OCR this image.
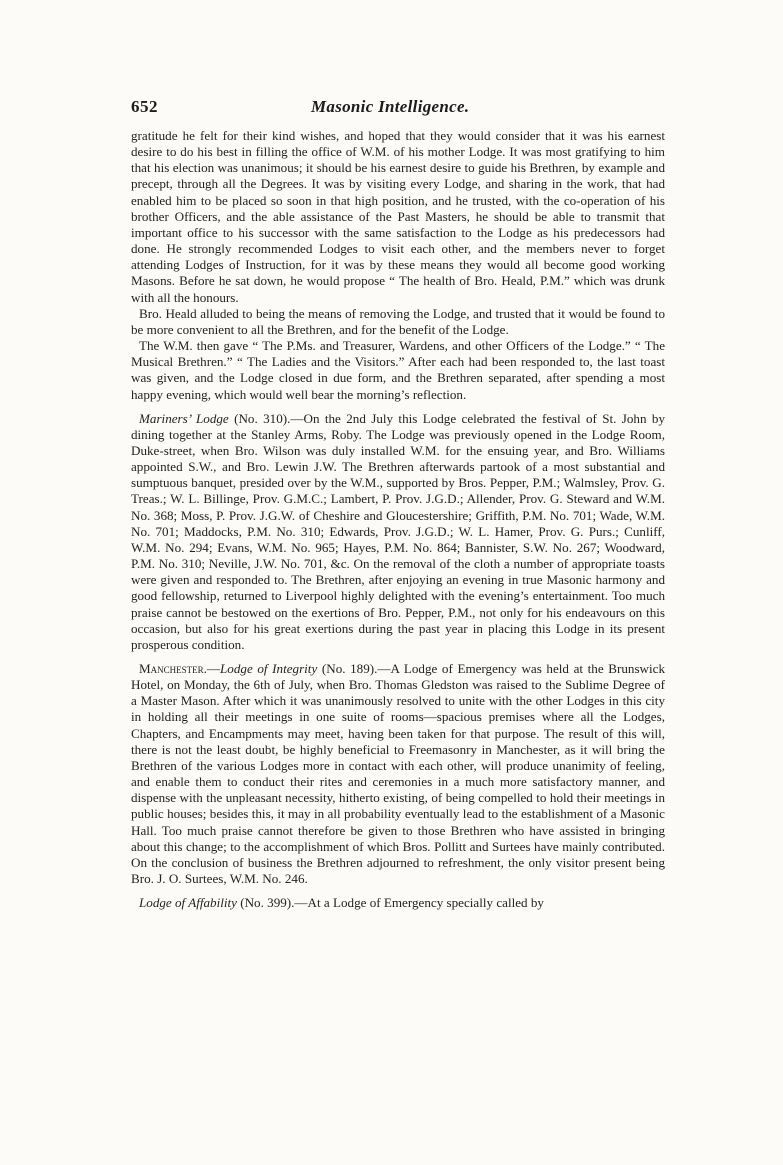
652	Masonic Intelligence.

gratitude he felt for their kind wishes, and hoped that they would consider that it was his earnest desire to do his best in filling the office of W.M. of his mother Lodge. It was most gratifying to him that his election was unanimous; it should be his earnest desire to guide his Brethren, by example and precept, through all the Degrees. It was by visiting every Lodge, and sharing in the work, that had enabled him to be placed so soon in that high position, and he trusted, with the co-operation of his brother Officers, and the able assistance of the Past Masters, he should be able to transmit that important office to his successor with the same satisfaction to the Lodge as his predecessors had done. He strongly recommended Lodges to visit each other, and the members never to forget attending Lodges of Instruction, for it was by these means they would all become good working Masons. Before he sat down, he would propose “ The health of Bro. Heald, P.M.” which was drunk with all the honours.

Bro. Heald alluded to being the means of removing the Lodge, and trusted that it would be found to be more convenient to all the Brethren, and for the benefit of the Lodge.

The W.M. then gave “ The P.Ms. and Treasurer, Wardens, and other Officers of the Lodge.” “ The Musical Brethren.” “ The Ladies and the Visitors.” After each had been responded to, the last toast was given, and the Lodge closed in due form, and the Brethren separated, after spending a most happy evening, which would well bear the morning’s reflection.

Mariners’ Lodge (No. 310).—On the 2nd July this Lodge celebrated the festival of St. John by dining together at the Stanley Arms, Roby. The Lodge was previously opened in the Lodge Room, Duke-street, when Bro. Wilson was duly installed W.M. for the ensuing year, and Bro. Williams appointed S.W., and Bro. Lewin J.W. The Brethren afterwards partook of a most substantial and sumptuous banquet, presided over by the W.M., supported by Bros. Pepper, P.M.; Walmsley, Prov. G. Treas.; W. L. Billinge, Prov. G.M.C.; Lambert, P. Prov. J.G.D.; Allender, Prov. G. Steward and W.M. No. 368; Moss, P. Prov. J.G.W. of Cheshire and Gloucestershire; Griffith, P.M. No. 701; Wade, W.M. No. 701; Maddocks, P.M. No. 310; Edwards, Prov. J.G.D.; W. L. Hamer, Prov. G. Purs.; Cunliff, W.M. No. 294; Evans, W.M. No. 965; Hayes, P.M. No. 864; Bannister, S.W. No. 267; Woodward, P.M. No. 310; Neville, J.W. No. 701, &c. On the removal of the cloth a number of appropriate toasts were given and responded to. The Brethren, after enjoying an evening in true Masonic harmony and good fellowship, returned to Liverpool highly delighted with the evening’s entertainment. Too much praise cannot be bestowed on the exertions of Bro. Pepper, P.M., not only for his endeavours on this occasion, but also for his great exertions during the past year in placing this Lodge in its present prosperous condition.

Manchester.—Lodge of Integrity (No. 189).—A Lodge of Emergency was held at the Brunswick Hotel, on Monday, the 6th of July, when Bro. Thomas Gledston was raised to the Sublime Degree of a Master Mason. After which it was unanimously resolved to unite with the other Lodges in this city in holding all their meetings in one suite of rooms—spacious premises where all the Lodges, Chapters, and Encampments may meet, having been taken for that purpose. The result of this will, there is not the least doubt, be highly beneficial to Freemasonry in Manchester, as it will bring the Brethren of the various Lodges more in contact with each other, will produce unanimity of feeling, and enable them to conduct their rites and ceremonies in a much more satisfactory manner, and dispense with the unpleasant necessity, hitherto existing, of being compelled to hold their meetings in public houses; besides this, it may in all probability eventually lead to the establishment of a Masonic Hall. Too much praise cannot therefore be given to those Brethren who have assisted in bringing about this change; to the accomplishment of which Bros. Pollitt and Surtees have mainly contributed. On the conclusion of business the Brethren adjourned to refreshment, the only visitor present being Bro. J. O. Surtees, W.M. No. 246.

Lodge of Affability (No. 399).—At a Lodge of Emergency specially called by
